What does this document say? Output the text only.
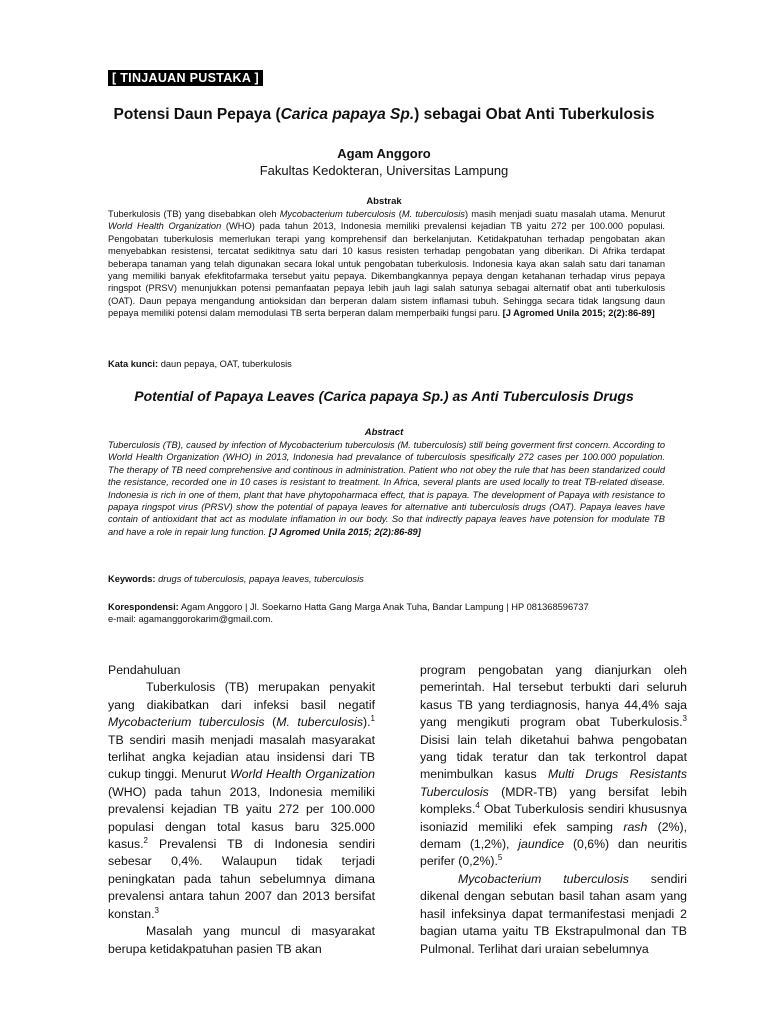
[ TINJAUAN PUSTAKA ]
Potensi Daun Pepaya (Carica papaya Sp.) sebagai Obat Anti Tuberkulosis
Agam Anggoro
Fakultas Kedokteran, Universitas Lampung
Abstrak
Tuberkulosis (TB) yang disebabkan oleh Mycobacterium tuberculosis (M. tuberculosis) masih menjadi suatu masalah utama. Menurut World Health Organization (WHO) pada tahun 2013, Indonesia memiliki prevalensi kejadian TB yaitu 272 per 100.000 populasi. Pengobatan tuberkulosis memerlukan terapi yang komprehensif dan berkelanjutan. Ketidakpatuhan terhadap pengobatan akan menyebabkan resistensi, tercatat sedikitnya satu dari 10 kasus resisten terhadap pengobatan yang diberikan. Di Afrika terdapat beberapa tanaman yang telah digunakan secara lokal untuk pengobatan tuberkulosis. Indonesia kaya akan salah satu dari tanaman yang memiliki banyak efekfitofarmaka tersebut yaitu pepaya. Dikembangkannya pepaya dengan ketahanan terhadap virus pepaya ringspot (PRSV) menunjukkan potensi pemanfaatan pepaya lebih jauh lagi salah satunya sebagai alternatif obat anti tuberkulosis (OAT). Daun pepaya mengandung antioksidan dan berperan dalam sistem inflamasi tubuh. Sehingga secara tidak langsung daun pepaya memiliki potensi dalam memodulasi TB serta berperan dalam memperbaiki fungsi paru. [J Agromed Unila 2015; 2(2):86-89]
Kata kunci: daun pepaya, OAT, tuberkulosis
Potential of Papaya Leaves (Carica papaya Sp.) as Anti Tuberculosis Drugs
Abstract
Tuberculosis (TB), caused by infection of Mycobacterium tuberculosis (M. tuberculosis) still being goverment first concern. According to World Health Organization (WHO) in 2013, Indonesia had prevalance of tuberculosis spesifically 272 cases per 100.000 population. The therapy of TB need comprehensive and continous in administration. Patient who not obey the rule that has been standarized could the resistance, recorded one in 10 cases is resistant to treatment. In Africa, several plants are used locally to treat TB-related disease. Indonesia is rich in one of them, plant that have phytopoharmaca effect, that is papaya. The development of Papaya with resistance to papaya ringspot virus (PRSV) show the potential of papaya leaves for alternative anti tuberculosis drugs (OAT). Papaya leaves have contain of antioxidant that act as modulate inflamation in our body. So that indirectly papaya leaves have potension for modulate TB and have a role in repair lung function. [J Agromed Unila 2015; 2(2):86-89]
Keywords: drugs of tuberculosis, papaya leaves, tuberculosis
Korespondensi: Agam Anggoro | Jl. Soekarno Hatta Gang Marga Anak Tuha, Bandar Lampung | HP 081368596737
e-mail: agamanggorokarim@gmail.com.

Pendahuluan

Tuberkulosis (TB) merupakan penyakit yang diakibatkan dari infeksi basil negatif Mycobacterium tuberculosis (M. tuberculosis).$^1$ TB sendiri masih menjadi masalah masyarakat terlihat angka kejadian atau insidensi dari TB cukup tinggi. Menurut World Health Organization (WHO) pada tahun 2013, Indonesia memiliki prevalensi kejadian TB yaitu 272 per 100.000 populasi dengan total kasus baru 325.000 kasus.$^2$ Prevalensi TB di Indonesia sendiri sebesar 0,4%. Walaupun tidak terjadi peningkatan pada tahun sebelumnya dimana prevalensi antara tahun 2007 dan 2013 bersifat konstan.$^3$

Masalah yang muncul di masyarakat berupa ketidakpatuhan pasien TB akan

program pengobatan yang dianjurkan oleh pemerintah. Hal tersebut terbukti dari seluruh kasus TB yang terdiagnosis, hanya 44,4% saja yang mengikuti program obat Tuberkulosis.$^3$ Disisi lain telah diketahui bahwa pengobatan yang tidak teratur dan tak terkontrol dapat menimbulkan kasus Multi Drugs Resistants Tuberculosis (MDR-TB) yang bersifat lebih kompleks.$^4$ Obat Tuberkulosis sendiri khususnya isoniazid memiliki efek samping rash (2%), demam (1,2%), jaundice (0,6%) dan neuritis perifer (0,2%).$^5$

Mycobacterium tuberculosis sendiri dikenal dengan sebutan basil tahan asam yang hasil infeksinya dapat termanifestasi menjadi 2 bagian utama yaitu TB Ekstrapulmonal dan TB Pulmonal. Terlihat dari uraian sebelumnya
